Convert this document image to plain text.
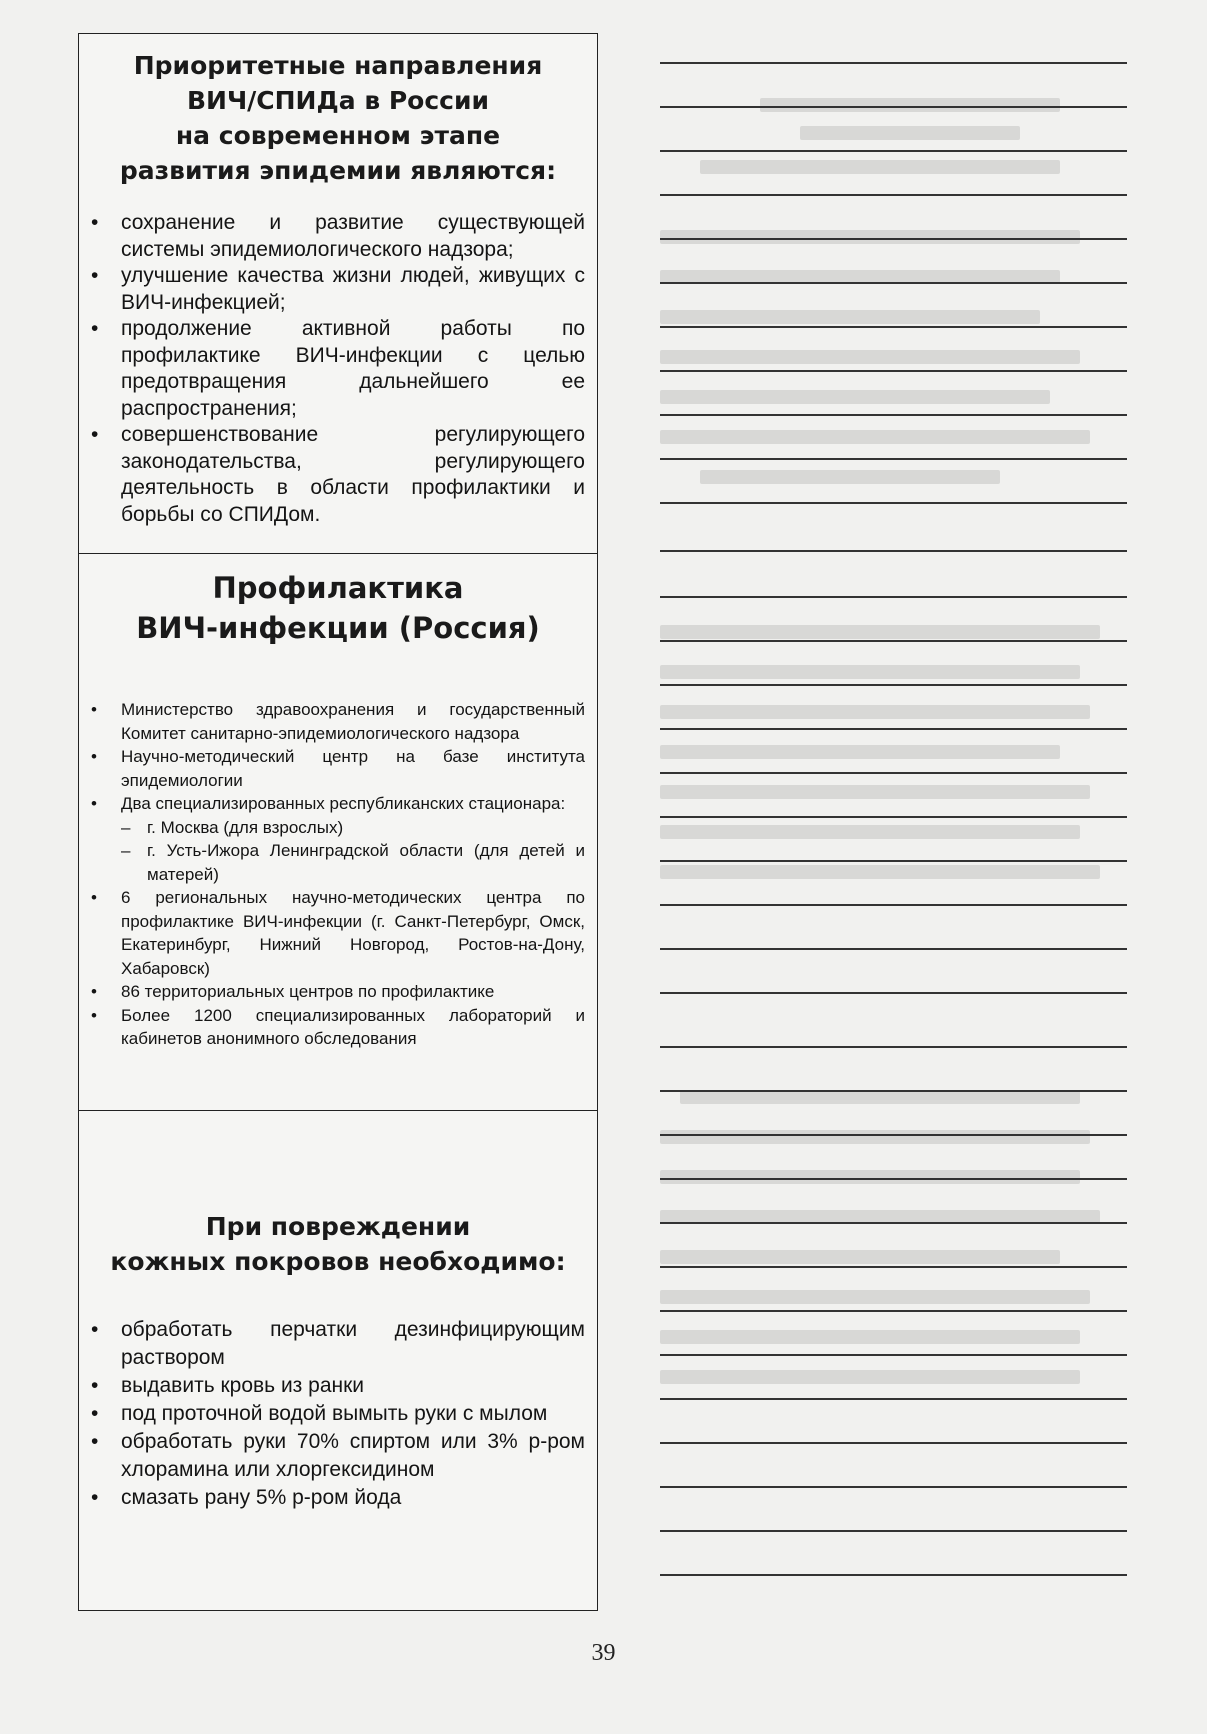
Приоритетные направления
ВИЧ/СПИДа в России
на современном этапе
развития эпидемии являются:
• сохранение и развитие существующей системы эпидемиологического надзора;
• улучшение качества жизни людей, живущих с ВИЧ-инфекцией;
• продолжение активной работы по профилактике ВИЧ-инфекции с целью предотвращения дальнейшего ее распространения;
• совершенствование регулирующего законодательства, регулирующего деятельность в области профилактики и борьбы со СПИДом.
Профилактика
ВИЧ-инфекции (Россия)
• Министерство здравоохранения и государственный Комитет санитарно-эпидемиологического надзора
• Научно-методический центр на базе института эпидемиологии
• Два специализированных республиканских стационара:
– г. Москва (для взрослых)
– г. Усть-Ижора Ленинградской области (для детей и матерей)
• 6 региональных научно-методических центра по профилактике ВИЧ-инфекции (г. Санкт-Петербург, Омск, Екатеринбург, Нижний Новгород, Ростов-на-Дону, Хабаровск)
• 86 территориальных центров по профилактике
• Более 1200 специализированных лабораторий и кабинетов анонимного обследования
При повреждении
кожных покровов необходимо:
• обработать перчатки дезинфицирующим раствором
• выдавить кровь из ранки
• под проточной водой вымыть руки с мылом
• обработать руки 70% спиртом или 3% р-ром хлорамина или хлоргексидином
• смазать рану 5% р-ром йода
39
